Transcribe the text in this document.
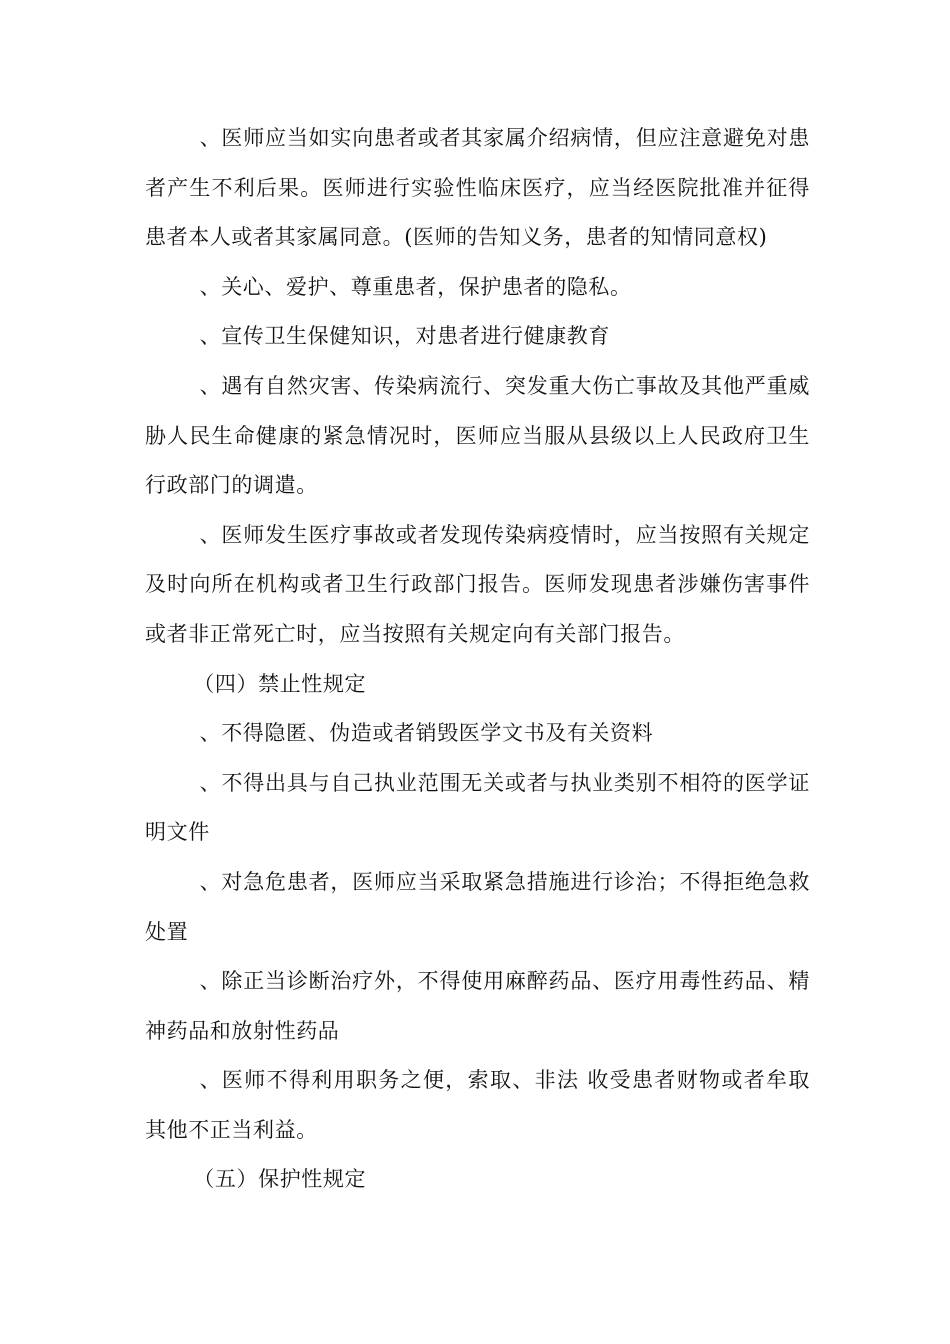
、医师应当如实向患者或者其家属介绍病情，但应注意避免对患者产生不利后果。医师进行实验性临床医疗，应当经医院批准并征得患者本人或者其家属同意。(医师的告知义务，患者的知情同意权)

、关心、爱护、尊重患者，保护患者的隐私。

、宣传卫生保健知识，对患者进行健康教育

、遇有自然灾害、传染病流行、突发重大伤亡事故及其他严重威胁人民生命健康的紧急情况时，医师应当服从县级以上人民政府卫生行政部门的调遣。

、医师发生医疗事故或者发现传染病疫情时，应当按照有关规定及时向所在机构或者卫生行政部门报告。医师发现患者涉嫌伤害事件或者非正常死亡时，应当按照有关规定向有关部门报告。

（四）禁止性规定

、不得隐匿、伪造或者销毁医学文书及有关资料

、不得出具与自己执业范围无关或者与执业类别不相符的医学证明文件

、对急危患者，医师应当采取紧急措施进行诊治；不得拒绝急救处置

、除正当诊断治疗外，不得使用麻醉药品、医疗用毒性药品、精神药品和放射性药品

、医师不得利用职务之便，索取、非法 收受患者财物或者牟取其他不正当利益。

（五）保护性规定
